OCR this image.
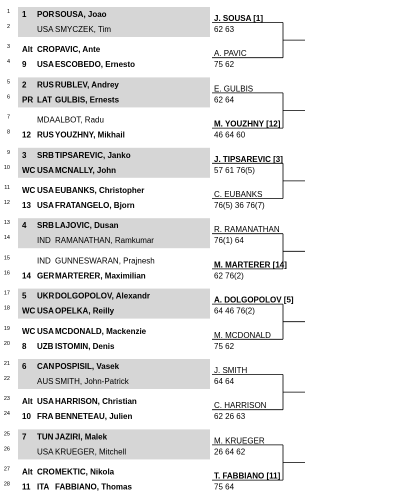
1 1 POR SOUSA, Joao
2	USA SMYCZEK, Tim
J. SOUSA [1]
62 63
3 Alt CRO PAVIC, Ante
4 9 USA ESCOBEDO, Ernesto
A. PAVIC
75 62
5 2 RUS RUBLEV, Andrey
6 PR LAT GULBIS, Ernests
E. GULBIS
62 64
7	MDA ALBOT, Radu
8 12 RUS YOUZHNY, Mikhail
M. YOUZHNY [12]
46 64 60
9 3 SRB TIPSAREVIC, Janko
10 WC USA MCNALLY, John
J. TIPSAREVIC [3]
57 61 76(5)
11 WC USA EUBANKS, Christopher
12 13 USA FRATANGELO, Bjorn
C. EUBANKS
76(5) 36 76(7)
13 4 SRB LAJOVIC, Dusan
14	IND RAMANATHAN, Ramkumar
R. RAMANATHAN
76(1) 64
15	IND GUNNESWARAN, Prajnesh
16 14 GER MARTERER, Maximilian
M. MARTERER [14]
62 76(2)
17 5 UKR DOLGOPOLOV, Alexandr
18 WC USA OPELKA, Reilly
A. DOLGOPOLOV [5]
64 46 76(2)
19 WC USA MCDONALD, Mackenzie
20 8 UZB ISTOMIN, Denis
M. MCDONALD
75 62
21 6 CAN POSPISIL, Vasek
22	AUS SMITH, John-Patrick
J. SMITH
64 64
23 Alt USA HARRISON, Christian
24 10 FRA BENNETEAU, Julien
C. HARRISON
62 26 63
25 7 TUN JAZIRI, Malek
26	USA KRUEGER, Mitchell
M. KRUEGER
26 64 62
27 Alt CRO MEKTIC, Nikola
28 11 ITA FABBIANO, Thomas
T. FABBIANO [11]
75 64
